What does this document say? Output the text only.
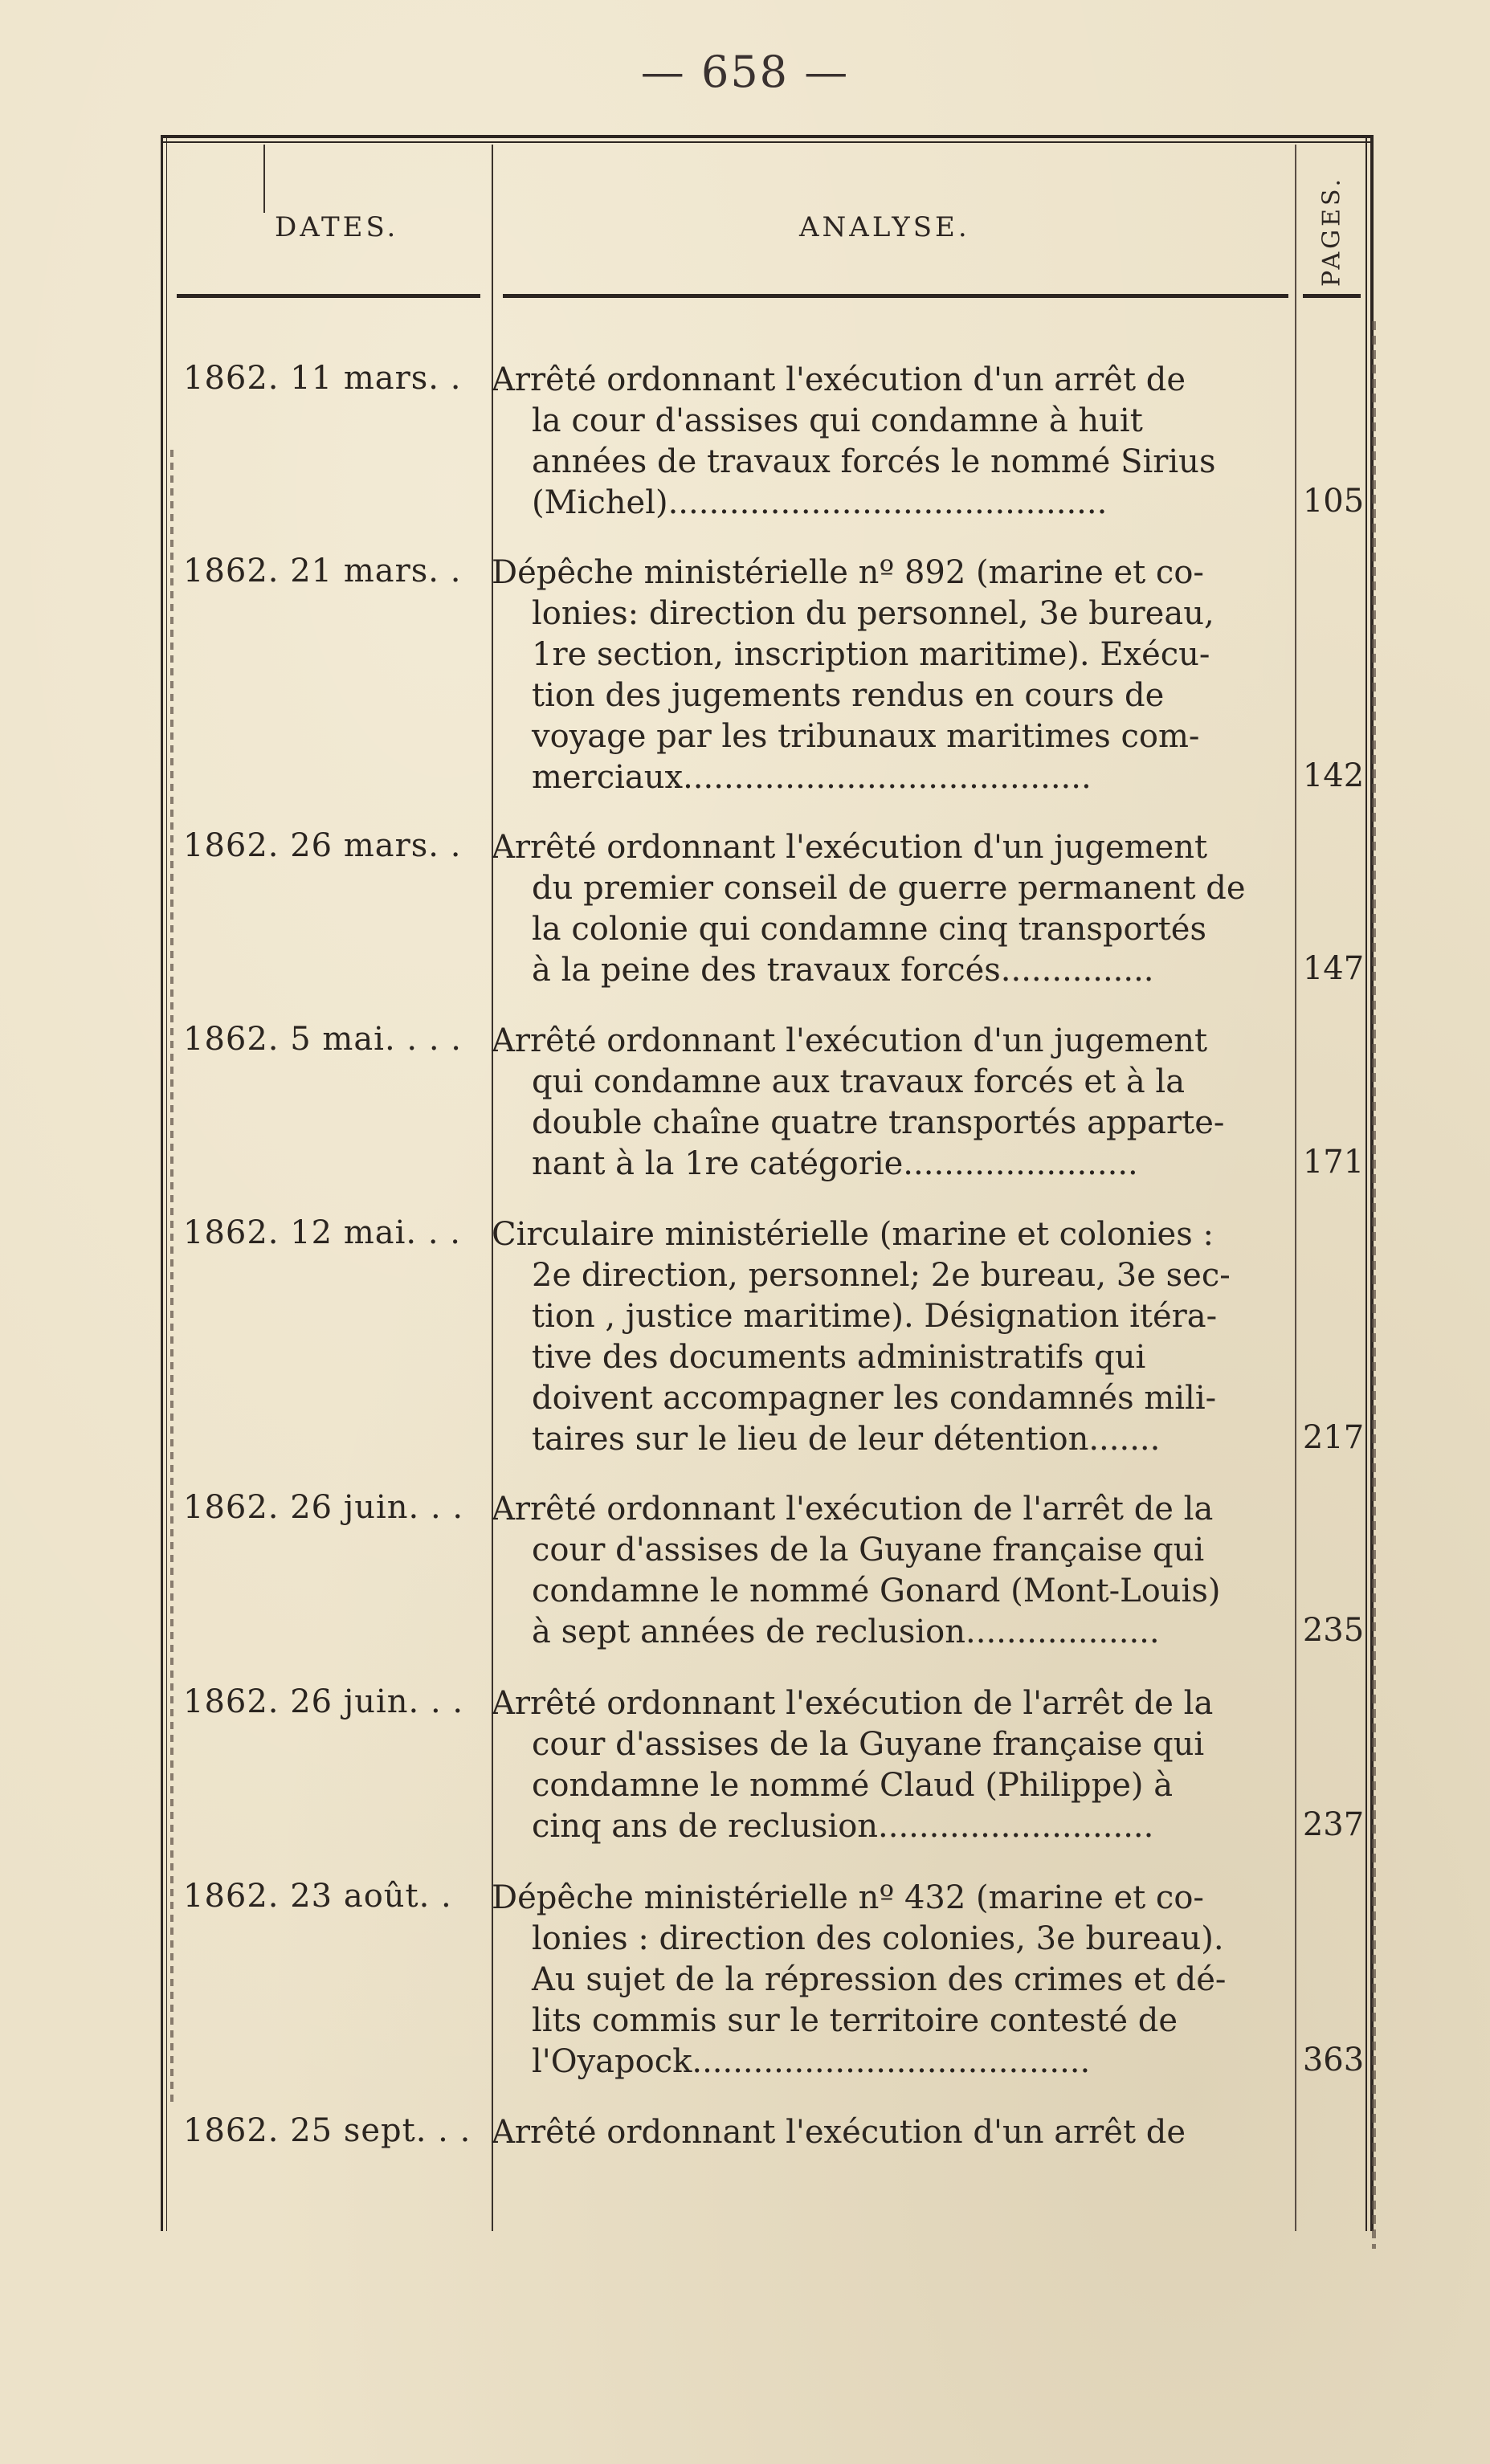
— 658 —
DATES.	ANALYSE.	PAGES.
1862. 11 mars. . Arrêté ordonnant l'exécution d'un arrêt de
la cour d'assises qui condamne à huit
années de travaux forcés le nommé Sirius
(Michel)...........................................	105
1862. 21 mars. . Dépêche ministérielle nº 892 (marine et co-
lonies: direction du personnel, 3e bureau,
1re section, inscription maritime). Exécu-
tion des jugements rendus en cours de
voyage par les tribunaux maritimes com-
merciaux........................................	142
1862. 26 mars. . Arrêté ordonnant l'exécution d'un jugement
du premier conseil de guerre permanent de
la colonie qui condamne cinq transportés
à la peine des travaux forcés...............	147
1862. 5 mai. . . . Arrêté ordonnant l'exécution d'un jugement
qui condamne aux travaux forcés et à la
double chaîne quatre transportés apparte-
nant à la 1re catégorie.......................	171
1862. 12 mai. . . Circulaire ministérielle (marine et colonies :
2e direction, personnel; 2e bureau, 3e sec-
tion , justice maritime). Désignation itéra-
tive des documents administratifs qui
doivent accompagner les condamnés mili-
taires sur le lieu de leur détention.......	217
1862. 26 juin. . . Arrêté ordonnant l'exécution de l'arrêt de la
cour d'assises de la Guyane française qui
condamne le nommé Gonard (Mont-Louis)
à sept années de reclusion...................	235
1862. 26 juin. . . Arrêté ordonnant l'exécution de l'arrêt de la
cour d'assises de la Guyane française qui
condamne le nommé Claud (Philippe) à
cinq ans de reclusion...........................	237
1862. 23 août. . Dépêche ministérielle nº 432 (marine et co-
lonies : direction des colonies, 3e bureau).
Au sujet de la répression des crimes et dé-
lits commis sur le territoire contesté de
l'Oyapock.......................................	363
1862. 25 sept. . . Arrêté ordonnant l'exécution d'un arrêt de
